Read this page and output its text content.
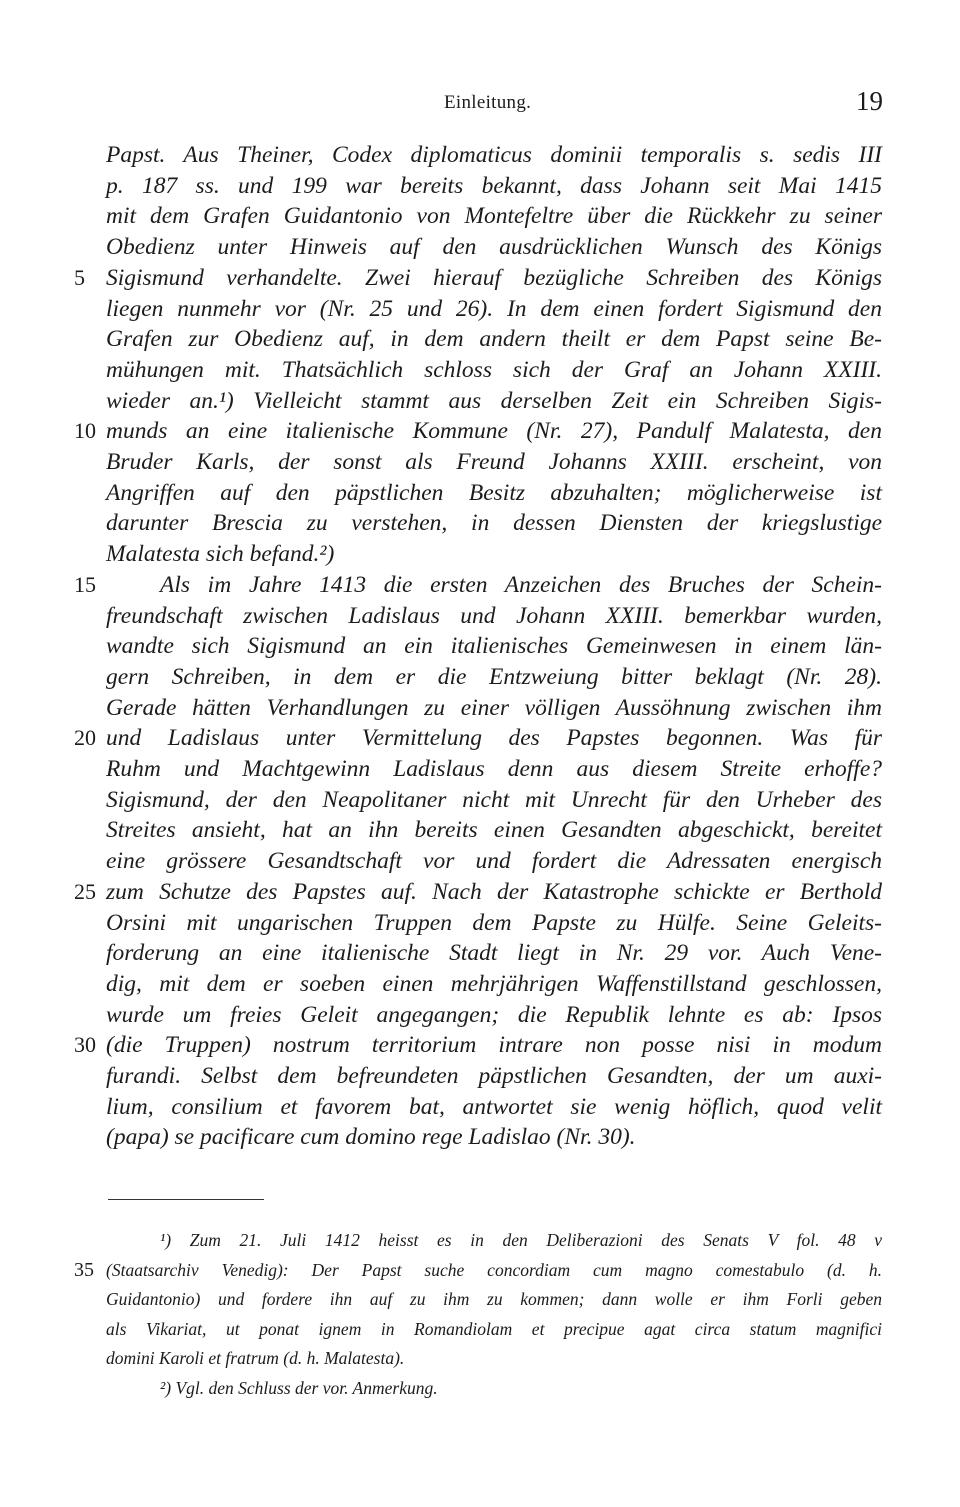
Einleitung.	19
Papst. Aus Theiner, Codex diplomaticus dominii temporalis s. sedis III
p. 187 ss. und 199 war bereits bekannt, dass Johann seit Mai 1415
mit dem Grafen Guidantonio von Montefeltre über die Rückkehr zu seiner
Obedienz unter Hinweis auf den ausdrücklichen Wunsch des Königs
5 Sigismund verhandelte. Zwei hierauf bezügliche Schreiben des Königs
liegen nunmehr vor (Nr. 25 und 26). In dem einen fordert Sigismund den
Grafen zur Obedienz auf, in dem andern theilt er dem Papst seine Be-
mühungen mit. Thatsächlich schloss sich der Graf an Johann XXIII.
wieder an.¹) Vielleicht stammt aus derselben Zeit ein Schreiben Sigis-
10 munds an eine italienische Kommune (Nr. 27), Pandulf Malatesta, den
Bruder Karls, der sonst als Freund Johanns XXIII. erscheint, von
Angriffen auf den päpstlichen Besitz abzuhalten; möglicherweise ist
darunter Brescia zu verstehen, in dessen Diensten der kriegslustige
Malatesta sich befand.²)
15	Als im Jahre 1413 die ersten Anzeichen des Bruches der Schein-
freundschaft zwischen Ladislaus und Johann XXIII. bemerkbar wurden,
wandte sich Sigismund an ein italienisches Gemeinwesen in einem län-
gern Schreiben, in dem er die Entzweiung bitter beklagt (Nr. 28).
Gerade hätten Verhandlungen zu einer völligen Aussöhnung zwischen ihm
20 und Ladislaus unter Vermittelung des Papstes begonnen. Was für
Ruhm und Machtgewinn Ladislaus denn aus diesem Streite erhoffe?
Sigismund, der den Neapolitaner nicht mit Unrecht für den Urheber des
Streites ansieht, hat an ihn bereits einen Gesandten abgeschickt, bereitet
eine grössere Gesandtschaft vor und fordert die Adressaten energisch
25 zum Schutze des Papstes auf. Nach der Katastrophe schickte er Berthold
Orsini mit ungarischen Truppen dem Papste zu Hülfe. Seine Geleits-
forderung an eine italienische Stadt liegt in Nr. 29 vor. Auch Vene-
dig, mit dem er soeben einen mehrjährigen Waffenstillstand geschlossen,
wurde um freies Geleit angegangen; die Republik lehnte es ab: Ipsos
30 (die Truppen) nostrum territorium intrare non posse nisi in modum
furandi. Selbst dem befreundeten päpstlichen Gesandten, der um auxi-
lium, consilium et favorem bat, antwortet sie wenig höflich, quod velit
(papa) se pacificare cum domino rege Ladislao (Nr. 30).
¹) Zum 21. Juli 1412 heisst es in den Deliberazioni des Senats V fol. 48 v
35 (Staatsarchiv Venedig): Der Papst suche concordiam cum magno comestabulo (d. h.
Guidantonio) und fordere ihn auf zu ihm zu kommen; dann wolle er ihm Forli geben
als Vikariat, ut ponat ignem in Romandiolam et precipue agat circa statum magnifici
domini Karoli et fratrum (d. h. Malatesta).
²) Vgl. den Schluss der vor. Anmerkung.
